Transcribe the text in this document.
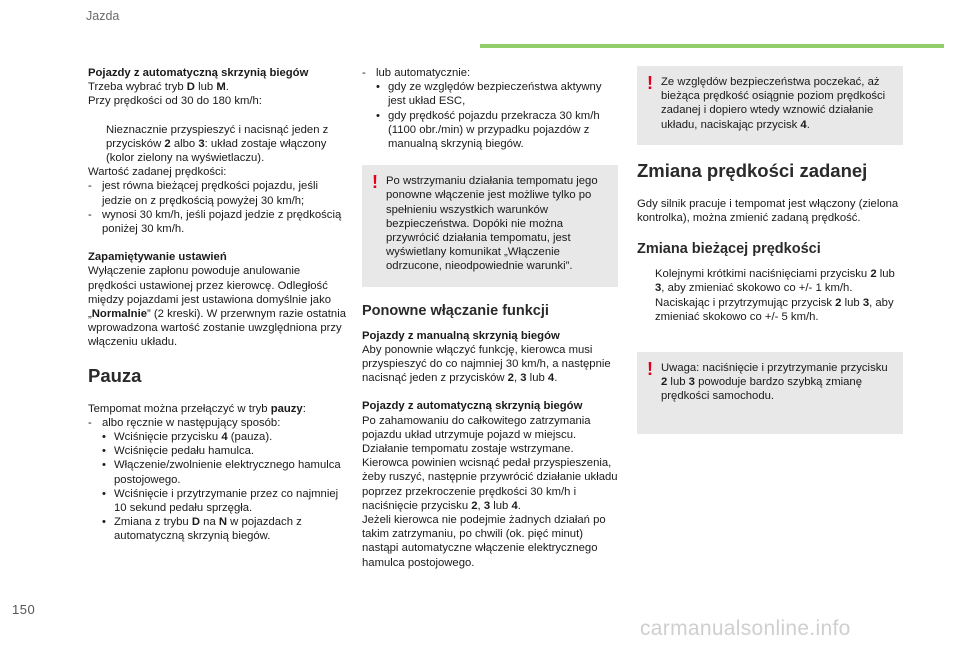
Jazda

Pojazdy z automatyczną skrzynią biegów

Trzeba wybrać tryb D lub M.

Przy prędkości od 30 do 180 km/h:

Nieznacznie przyspieszyć i nacisnąć jeden z przycisków 2 albo 3: układ zostaje włączony (kolor zielony na wyświetlaczu).

Wartość zadanej prędkości:

- jest równa bieżącej prędkości pojazdu, jeśli jedzie on z prędkością powyżej 30 km/h;
- wynosi 30 km/h, jeśli pojazd jedzie z prędkością poniżej 30 km/h.

Zapamiętywanie ustawień

Wyłączenie zapłonu powoduje anulowanie prędkości ustawionej przez kierowcę. Odległość między pojazdami jest ustawiona domyślnie jako „Normalnie” (2 kreski). W przerwnym razie ostatnia wprowadzona wartość zostanie uwzględniona przy włączeniu układu.

Pauza

Tempomat można przełączyć w tryb pauzy:

- albo ręcznie w następujący sposób:
• Wciśnięcie przycisku 4 (pauza).
• Wciśnięcie pedału hamulca.
• Włączenie/zwolnienie elektrycznego hamulca postojowego.
• Wciśnięcie i przytrzymanie przez co najmniej 10 sekund pedału sprzęgła.
• Zmiana z trybu D na N w pojazdach z automatyczną skrzynią biegów.
- lub automatycznie:
• gdy ze względów bezpieczeństwa aktywny jest układ ESC,
• gdy prędkość pojazdu przekracza 30 km/h (1100 obr./min) w przypadku pojazdów z manualną skrzynią biegów.
! Po wstrzymaniu działania tempomatu jego ponowne włączenie jest możliwe tylko po spełnieniu wszystkich warunków bezpieczeństwa. Dopóki nie można przywrócić działania tempomatu, jest wyświetlany komunikat „Włączenie odrzucone, nieodpowiednie warunki”.

Ponowne włączanie funkcji

Pojazdy z manualną skrzynią biegów

Aby ponownie włączyć funkcję, kierowca musi przyspieszyć do co najmniej 30 km/h, a następnie nacisnąć jeden z przycisków 2, 3 lub 4.

Pojazdy z automatyczną skrzynią biegów

Po zahamowaniu do całkowitego zatrzymania pojazdu układ utrzymuje pojazd w miejscu. Działanie tempomatu zostaje wstrzymane. Kierowca powinien wcisnąć pedał przyspieszenia, żeby ruszyć, następnie przywrócić działanie układu poprzez przekroczenie prędkości 30 km/h i naciśnięcie przycisku 2, 3 lub 4.

Jeżeli kierowca nie podejmie żadnych działań po takim zatrzymaniu, po chwili (ok. pięć minut) nastąpi automatyczne włączenie elektrycznego hamulca postojowego.

! Ze względów bezpieczeństwa poczekać, aż bieżąca prędkość osiągnie poziom prędkości zadanej i dopiero wtedy wznowić działanie układu, naciskając przycisk 4.

Zmiana prędkości zadanej

Gdy silnik pracuje i tempomat jest włączony (zielona kontrolka), można zmienić zadaną prędkość.

Zmiana bieżącej prędkości
Kolejnymi krótkimi naciśnięciami przycisku 2 lub 3, aby zmieniać skokowo co +/- 1 km/h.
Naciskając i przytrzymując przycisk 2 lub 3, aby zmieniać skokowo co +/- 5 km/h.
! Uwaga: naciśnięcie i przytrzymanie przycisku 2 lub 3 powoduje bardzo szybką zmianę prędkości samochodu.

150
carmanualsonline.info
